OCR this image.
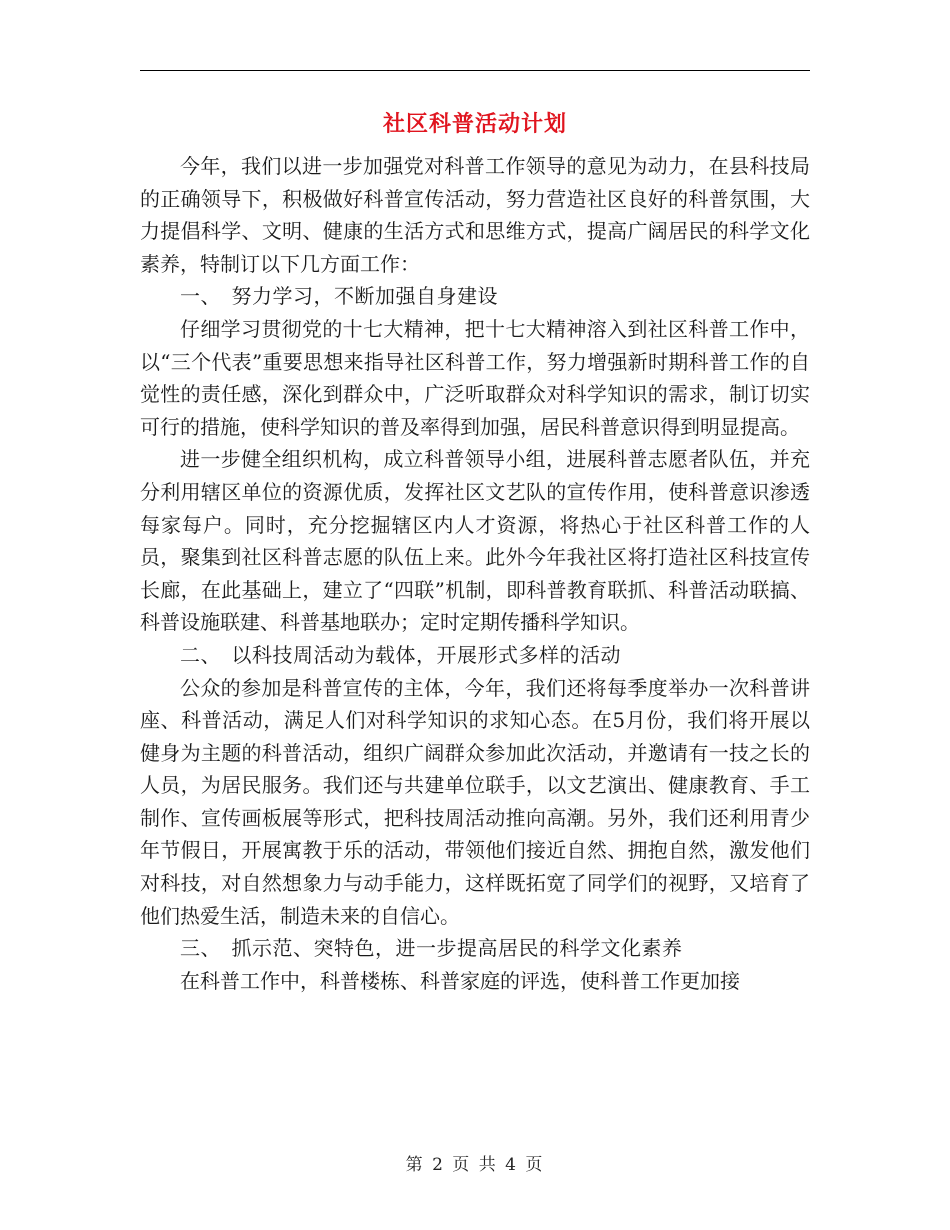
社区科普活动计划

今年，我们以进一步加强党对科普工作领导的意见为动力，在县科技局的正确领导下，积极做好科普宣传活动，努力营造社区良好的科普氛围，大力提倡科学、文明、健康的生活方式和思维方式，提高广阔居民的科学文化素养，特制订以下几方面工作：

一、　努力学习，不断加强自身建设

仔细学习贯彻党的十七大精神，把十七大精神溶入到社区科普工作中，以“三个代表”重要思想来指导社区科普工作，努力增强新时期科普工作的自觉性的责任感，深化到群众中，广泛听取群众对科学知识的需求，制订切实可行的措施，使科学知识的普及率得到加强，居民科普意识得到明显提高。

进一步健全组织机构，成立科普领导小组，进展科普志愿者队伍，并充分利用辖区单位的资源优质，发挥社区文艺队的宣传作用，使科普意识渗透每家每户。同时，充分挖掘辖区内人才资源，将热心于社区科普工作的人员，聚集到社区科普志愿的队伍上来。此外今年我社区将打造社区科技宣传长廊，在此基础上，建立了“四联”机制，即科普教育联抓、科普活动联搞、科普设施联建、科普基地联办；定时定期传播科学知识。

二、　以科技周活动为载体，开展形式多样的活动

公众的参加是科普宣传的主体，今年，我们还将每季度举办一次科普讲座、科普活动，满足人们对科学知识的求知心态。在5月份，我们将开展以健身为主题的科普活动，组织广阔群众参加此次活动，并邀请有一技之长的人员，为居民服务。我们还与共建单位联手，以文艺演出、健康教育、手工制作、宣传画板展等形式，把科技周活动推向高潮。另外，我们还利用青少年节假日，开展寓教于乐的活动，带领他们接近自然、拥抱自然，激发他们对科技，对自然想象力与动手能力，这样既拓宽了同学们的视野，又培育了他们热爱生活，制造未来的自信心。

三、　抓示范、突特色，进一步提高居民的科学文化素养

在科普工作中，科普楼栋、科普家庭的评选，使科普工作更加接

第 2 页 共 4 页
